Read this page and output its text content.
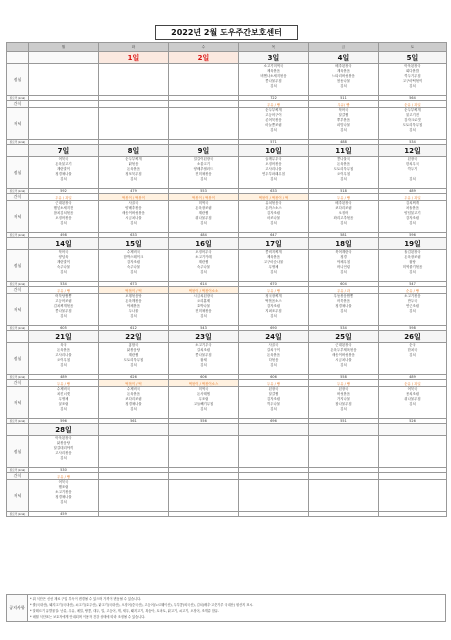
2022년 2월 도우주간보호센터
	월	화	수	목	금	토
		1일	2일	3일	4일	5일
점심				소고기미역국
제육볶음
비엔나소세지볶음
콩나물무침
김치	배추된장국
계육볶음
느타리버섯볶음
봄동나물
김치	아욱된장국
회다볶밥
깍두기무침
고구마떡볶이
김치

칼로리 (kcal)				722	511	564
간식				우유 / 빵	우유/ 빵	순유 / 과일
저녁				순두부찌개
고등어구이
콘어묵볶음
마늘쫑조림
김치	북어국
달걀찜
뿌부볶음
피망나물
김치	순두부찌개
불고기전
감자크로켓
도토리묵무침
김치

칼로리 (kcal)				571	488	534
	7일	8일	9일	10일	11일	12일
점심	어묵국
돈육불고기
계란말이
청경채나물
김치	순두부찌개
닭볶음
돈육볶음
청포묵무침
김치	얼갈이된장국
소불고기
양배추샐러드
진미채볶음
김치	들깨무우국
오징어볶음
고사리나물
연두부파래무침
김치	콩나물국
돈육볶음
도토리묵무침
오이무침
김치	된장국
한치무국
깍두기
김치

칼로리 (kcal)	592	479	553	633	518	489
간식	두유 / 과일	떡볶이 / 떡볶이	떡볶이 / 떡볶이	떡볶이 / 떡볶이 / 떡	두유 / 빵	두유 / 과일
저녁	근대된장국
햄넣소세지전
참치김치볶음
오징어볶음
김치	사골국
양배추볶음
새송이버섯볶음
시금치나물
김치	미역국
돈육장조림
계란찜
취나물무침
김치	유치볶음국
돈까스소스
김자조림
마조나물
김치	배추된장국
코다리조림
오징어
꽈리고추볶음
김치	김치찌개
차돌볶음
양념불고기
감자조림
김치

칼로리 (kcal)	498	633	484	647	581	596
	14일	15일	16일	17일	18일	19일
점심	북어국
양념육
계란말이
숙주나물
김치	수제비국
함박스테이크
감자조림
숙주나물
김치	오징어무국
소고기카레
계란찜
숙주나물
김치	콩비지찌개
제육볶음
고구마순나물
무생채
김치	북어계란국
청경
야채무침
어니언링
김치	돌김된장국
돈육장조림
잡탕
미역줄기볶음
김치

칼로리 (kcal)	534	673	614	670	604	547
간식	우유 / 빵	떡볶이 / 떡	떡볶이 / 떡볶이소소	두유 / 빵	우유 / 과	순유 / 빵
저녁	어묵탕짬뽕
고등어조림
김치찌개볶음
콩나물무침
김치	오뎅볶음탕
돈육깨볶음
야채볶음
두나물
김치	시금치된장국
오리훈제
호박나물
진미채볶음
김치	청국장찌개
떡볶음소스
감자조림
지퍼조무침
김치	우동볶음짬뽕
어묵볶음
청경채나물
김치	소고기볶음
만두국
연근조림
김치

칼로리 (kcal)	605	612	543	690	534	598
	21일	22일	23일	24일	25일	26일
점심	육국
돈육볶음
고사리나물
오이무침
김치	홍합국
닭볶음탕
계란찜
도토리묵무침
김치	소고기우국
갈치조림
콩나물무침
잡채
김치	사골국
갈치구이
돈육볶음
다볶음
김치	근대된장국
돈육두부제육볶음
새송이버섯볶음
시금치나물
김치	순국
한치국
김치

칼로리 (kcal)	489	626	606	606	558	489
간식	두유 / 빵	떡볶이 / 떡	떡볶이 / 떡볶이소스	두유 / 빵	두유 / 빵	순유 / 과일
저녁	수제비국
치킨너겟
무생채
꿀조림
김치	수제비국
돈육볶음
코다리조림
청경채나물
김치	미역국
돈사태찜
무조림
고들빼기무침
김치	된장국
달걀찜
김자조림
깍두나물
김치	된장국
버섯볶음
가지나물
참나물무침
김치	어묵국
꽁치조림
취나물무침
김치

칼로리 (kcal)	596	561	556	696	551	526
	28일					
점심	아욱된장국
닭볶음탕
달걀데리야끼
고사리볶음
김치					

칼로리 (kcal)	530					
간식	우유 / 빵					
저녁	어묵국
햄조림
소고기볶음
청경채나물
김치					

칼로리 (kcal)	459					
공지사항	
* 위 식단은 신선 재료 구입 부득이 변경될 수 있으며 가격이 변동될 수 있습니다.
* 쌀(국내산), 돼지고기(국내산), 쇠고기(호주산), 닭고기(국내산), 오징어(중국산), 고등어(노르웨이산), 두부콩(외국산), 김치(배추·고춧가루 국내산) 원산지 표시.
* 알레르기 유발물질: 난류, 우유, 메밀, 땅콩, 대두, 밀, 고등어, 게, 새우, 돼지고기, 복숭아, 토마토, 닭고기, 쇠고기, 오징어, 조개류 함유.
* 매월 식단표는 보호자에게 안내되며 이용자 건강 상태에 따라 조정될 수 있습니다.
